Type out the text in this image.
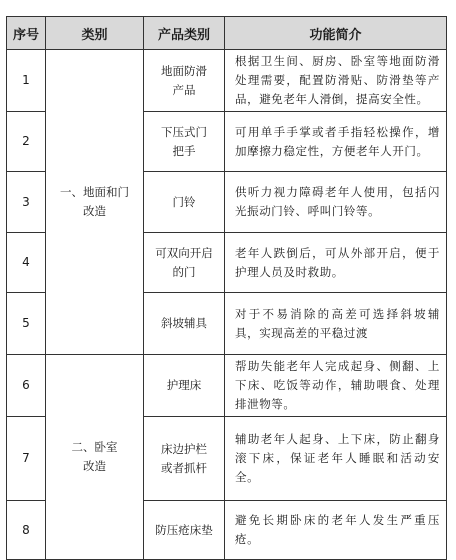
序号	类别	产品类别	功能简介
1	一、地面和门改造	地面防滑产品	根据卫生间、厨房、卧室等地面防滑处理需要，配置防滑贴、防滑垫等产品，避免老年人滑倒，提高安全性。
2		下压式门把手	可用单手手掌或者手指轻松操作，增加摩擦力稳定性，方便老年人开门。
3		门铃	供听力视力障碍老年人使用，包括闪光振动门铃、呼叫门铃等。
4		可双向开启的门	老年人跌倒后，可从外部开启，便于护理人员及时救助。
5		斜坡辅具	对于不易消除的高差可选择斜坡辅具，实现高差的平稳过渡
6	二、卧室改造	护理床	帮助失能老年人完成起身、侧翻、上下床、吃饭等动作，辅助喂食、处理排泄物等。
7		床边护栏或者抓杆	辅助老年人起身、上下床，防止翻身滚下床，保证老年人睡眠和活动安全。
8		防压疮床垫	避免长期卧床的老年人发生严重压疮。
